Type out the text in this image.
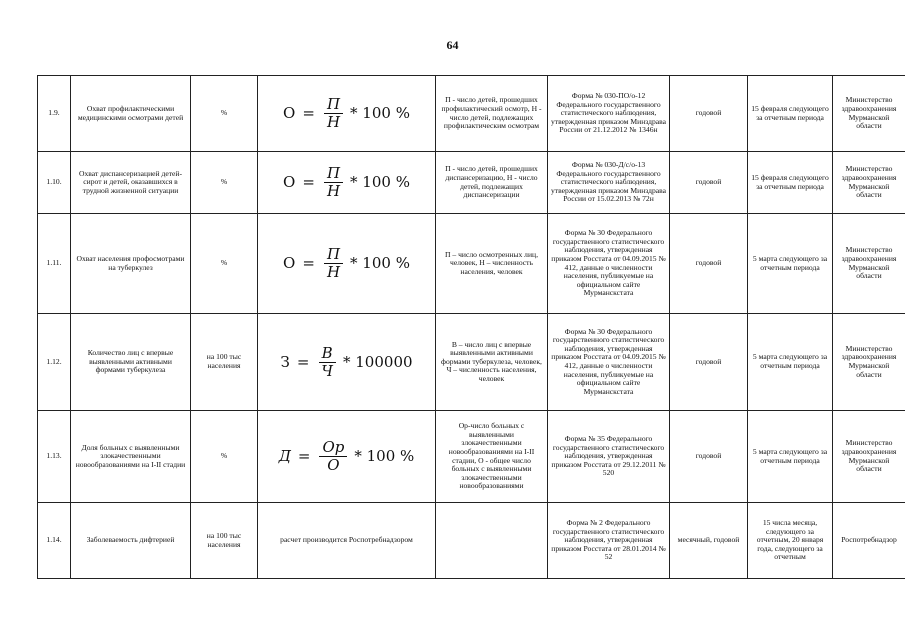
64
1.9.	Охват профилактическими медицинскими осмотрами детей	%	$О = \frac{П}{Н} * 100$ %	П - число детей, прошедших профилактический осмотр, Н - число детей, подлежащих профилактическим осмотрам	Форма № 030-ПО/о-12 Федерального государственного статистического наблюдения, утвержденная приказом Минздрава России от 21.12.2012 № 1346н	годовой	15 февраля следующего за отчетным периода	Министерство здравоохранения Мурманской области
1.10.	Охват диспансеризацией детей-сирот и детей, оказавшихся в трудной жизненной ситуации	%	$О = \frac{П}{Н} * 100$ %	П - число детей, прошедших диспансеризацию, Н - число детей, подлежащих диспансеризации	Форма № 030-Д/с/о-13 Федерального государственного статистического наблюдения, утвержденная приказом Минздрава России от 15.02.2013 № 72н	годовой	15 февраля следующего за отчетным периода	Министерство здравоохранения Мурманской области
1.11.	Охват населения профосмотрами на туберкулез	%	$О = \frac{П}{Н} * 100$ %	П – число осмотренных лиц, человек, Н – численность населения, человек	Форма № 30 Федерального государственного статистического наблюдения, утвержденная приказом Росстата от 04.09.2015 № 412, данные о численности населения, публикуемые на официальном сайте Мурманскстата	годовой	5 марта следующего за отчетным периода	Министерство здравоохранения Мурманской области
1.12.	Количество лиц с впервые выявленными активными формами туберкулеза	на 100 тыс населения	$З = \frac{В}{Ч} * 100000$	В – число лиц с впервые выявленными активными формами туберкулеза, человек, Ч – численность населения, человек	Форма № 30 Федерального государственного статистического наблюдения, утвержденная приказом Росстата от 04.09.2015 № 412, данные о численности населения, публикуемые на официальном сайте Мурманскстата	годовой	5 марта следующего за отчетным периода	Министерство здравоохранения Мурманской области
1.13.	Доля больных с выявленными злокачественными новообразованиями на I-II стадии	%	$Д = \frac{Ор}{О} * 100$ %	Ор-число больных с выявленными злокачественными новообразованиями на I-II стадии, О - общее число больных с выявленными злокачественными новообразованиями	Форма № 35 Федерального государственного статистического наблюдения, утвержденная приказом Росстата от 29.12.2011 № 520	годовой	5 марта следующего за отчетным периода	Министерство здравоохранения Мурманской области
1.14.	Заболеваемость дифтерией	на 100 тыс населения	расчет производится Роспотребнадзором		Форма № 2 Федерального государственного статистического наблюдения, утвержденная приказом Росстата от 28.01.2014 № 52	месячный, годовой	15 числа месяца, следующего за отчетным, 20 января года, следующего за отчетным	Роспотребнадзор
